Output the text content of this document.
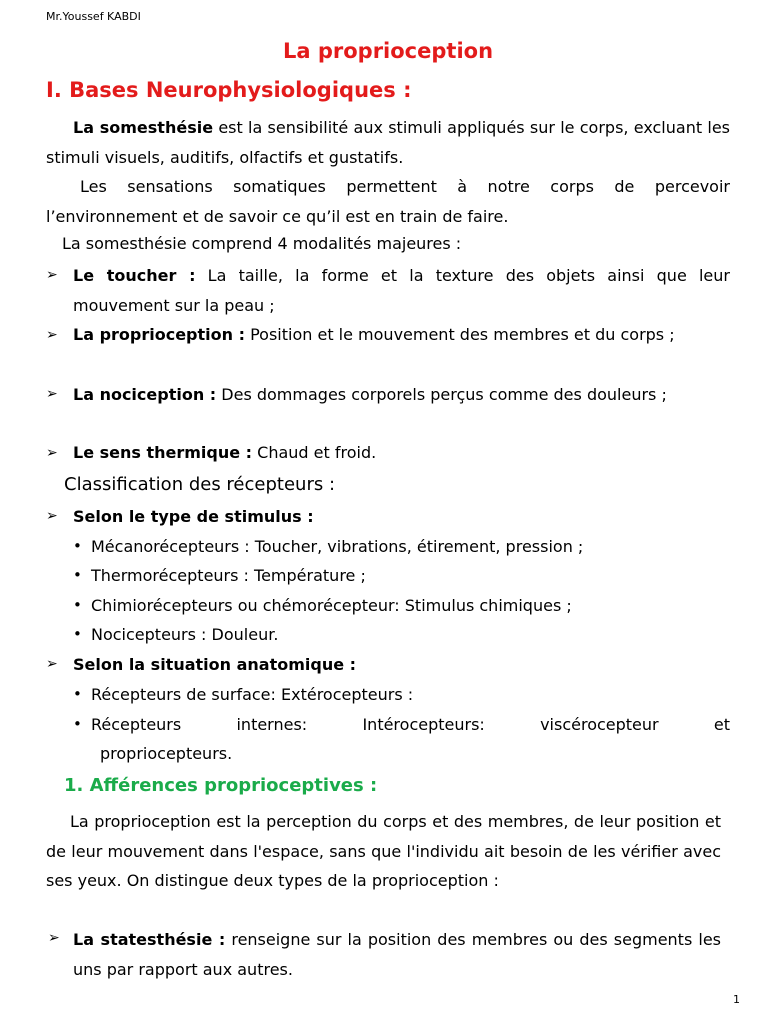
Mr.Youssef KABDI
La proprioception
I. Bases Neurophysiologiques :
La somesthésie est la sensibilité aux stimuli appliqués sur le corps, excluant les stimuli visuels, auditifs, olfactifs et gustatifs.
Les sensations somatiques permettent à notre corps de percevoir l’environnement et de savoir ce qu’il est en train de faire.
La somesthésie comprend 4 modalités majeures :
➢ Le toucher : La taille, la forme et la texture des objets ainsi que leur mouvement sur la peau ;
➢ La proprioception : Position et le mouvement des membres et du corps ;
➢ La nociception : Des dommages corporels perçus comme des douleurs ;
➢ Le sens thermique : Chaud et froid.
Classification des récepteurs :
➢ Selon le type de stimulus :
• Mécanorécepteurs : Toucher, vibrations, étirement, pression ;
• Thermorécepteurs : Température ;
• Chimiorécepteurs ou chémorécepteur: Stimulus chimiques ;
• Nocicepteurs : Douleur.
➢ Selon la situation anatomique :
• Récepteurs de surface: Extérocepteurs :
• Récepteurs internes: Intérocepteurs: viscérocepteur et
propriocepteurs.
1. Afférences proprioceptives :
La proprioception est la perception du corps et des membres, de leur position et de leur mouvement dans l'espace, sans que l'individu ait besoin de les vérifier avec ses yeux. On distingue deux types de la proprioception :
➢ La statesthésie : renseigne sur la position des membres ou des segments les uns par rapport aux autres.
1
